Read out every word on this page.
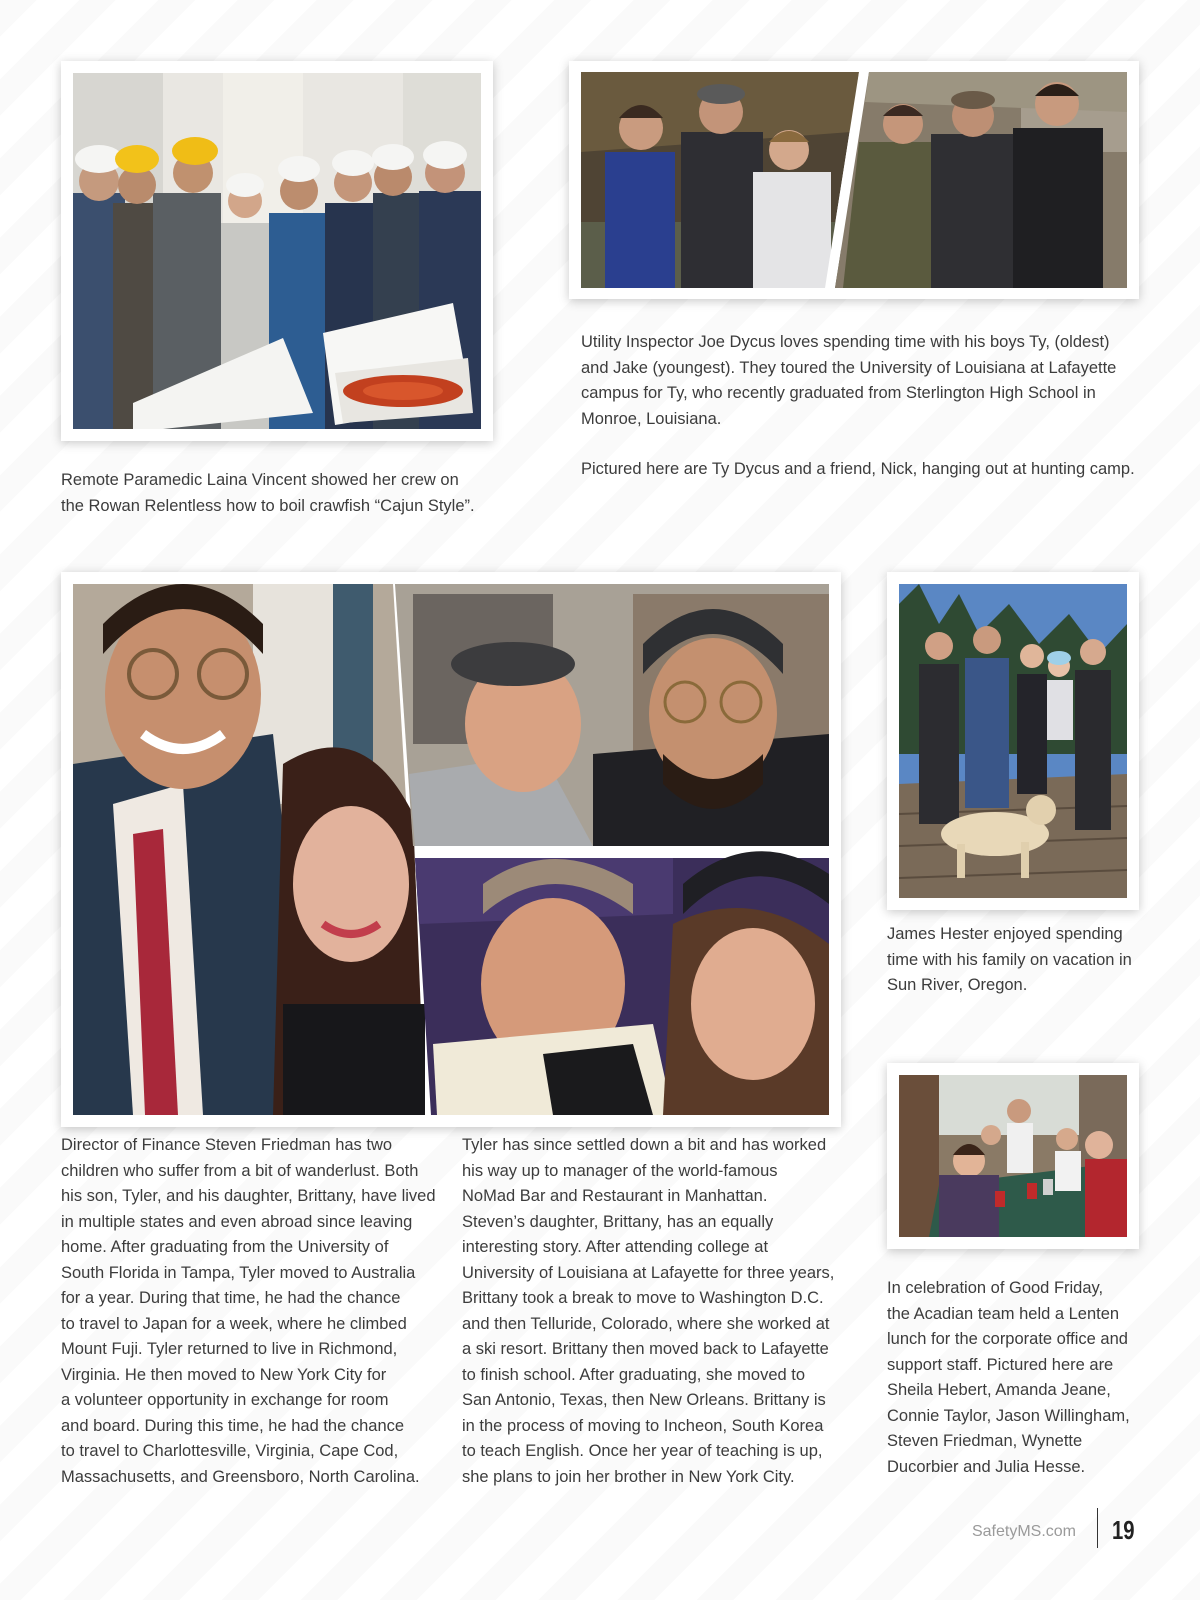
Remote Paramedic Laina Vincent showed her crew on

the Rowan Relentless how to boil crawfish “Cajun Style”.

Utility Inspector Joe Dycus loves spending time with his boys Ty, (oldest)

and Jake (youngest). They toured the University of Louisiana at Lafayette

campus for Ty, who recently graduated from Sterlington High School in

Monroe, Louisiana.

Pictured here are Ty Dycus and a friend, Nick, hanging out at hunting camp.

Director of Finance Steven Friedman has two

children who suffer from a bit of wanderlust. Both

his son, Tyler, and his daughter, Brittany, have lived

in multiple states and even abroad since leaving

home. After graduating from the University of

South Florida in Tampa, Tyler moved to Australia

for a year. During that time, he had the chance

to travel to Japan for a week, where he climbed

Mount Fuji. Tyler returned to live in Richmond,

Virginia. He then moved to New York City for

a volunteer opportunity in exchange for room

and board. During this time, he had the chance

to travel to Charlottesville, Virginia, Cape Cod,

Massachusetts, and Greensboro, North Carolina.

Tyler has since settled down a bit and has worked

his way up to manager of the world-famous

NoMad Bar and Restaurant in Manhattan.

Steven’s daughter, Brittany, has an equally

interesting story. After attending college at

University of Louisiana at Lafayette for three years,

Brittany took a break to move to Washington D.C.

and then Telluride, Colorado, where she worked at

a ski resort. Brittany then moved back to Lafayette

to finish school. After graduating, she moved to

San Antonio, Texas, then New Orleans. Brittany is

in the process of moving to Incheon, South Korea

to teach English. Once her year of teaching is up,

she plans to join her brother in New York City.

James Hester enjoyed spending

time with his family on vacation in

Sun River, Oregon.

In celebration of Good Friday,

the Acadian team held a Lenten

lunch for the corporate office and

support staff. Pictured here are

Sheila Hebert, Amanda Jeane,

Connie Taylor, Jason Willingham,

Steven Friedman, Wynette

Ducorbier and Julia Hesse.

SafetyMS.com 19
